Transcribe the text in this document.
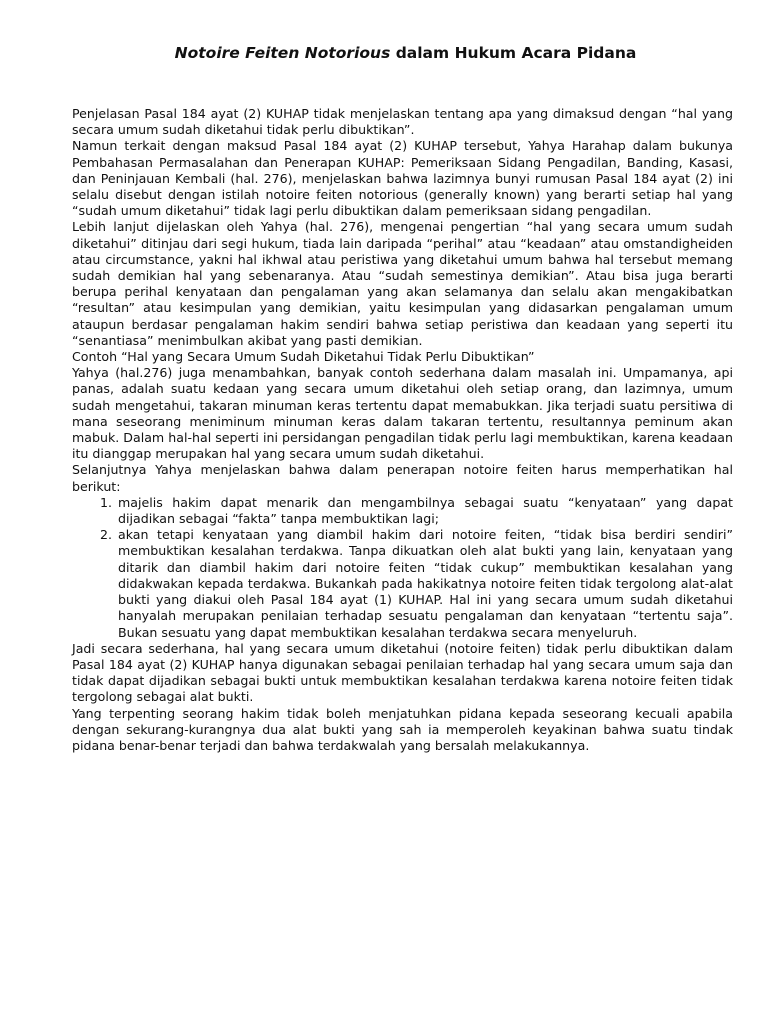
Notoire Feiten Notorious dalam Hukum Acara Pidana

Penjelasan Pasal 184 ayat (2) KUHAP tidak menjelaskan tentang apa yang dimaksud dengan “hal yang secara umum sudah diketahui tidak perlu dibuktikan”.

Namun terkait dengan maksud Pasal 184 ayat (2) KUHAP tersebut, Yahya Harahap dalam bukunya Pembahasan Permasalahan dan Penerapan KUHAP: Pemeriksaan Sidang Pengadilan, Banding, Kasasi, dan Peninjauan Kembali (hal. 276), menjelaskan bahwa lazimnya bunyi rumusan Pasal 184 ayat (2) ini selalu disebut dengan istilah notoire feiten notorious (generally known) yang berarti setiap hal yang “sudah umum diketahui” tidak lagi perlu dibuktikan dalam pemeriksaan sidang pengadilan.

Lebih lanjut dijelaskan oleh Yahya (hal. 276), mengenai pengertian “hal yang secara umum sudah diketahui” ditinjau dari segi hukum, tiada lain daripada “perihal” atau “keadaan” atau omstandigheiden atau circumstance, yakni hal ikhwal atau peristiwa yang diketahui umum bahwa hal tersebut memang sudah demikian hal yang sebenaranya. Atau “sudah semestinya demikian”. Atau bisa juga berarti berupa perihal kenyataan dan pengalaman yang akan selamanya dan selalu akan mengakibatkan “resultan” atau kesimpulan yang demikian, yaitu kesimpulan yang didasarkan pengalaman umum ataupun berdasar pengalaman hakim sendiri bahwa setiap peristiwa dan keadaan yang seperti itu “senantiasa” menimbulkan akibat yang pasti demikian.

Contoh “Hal yang Secara Umum Sudah Diketahui Tidak Perlu Dibuktikan”

Yahya (hal.276) juga menambahkan, banyak contoh sederhana dalam masalah ini. Umpamanya, api panas, adalah suatu kedaan yang secara umum diketahui oleh setiap orang, dan lazimnya, umum sudah mengetahui, takaran minuman keras tertentu dapat memabukkan. Jika terjadi suatu persitiwa di mana seseorang meniminum minuman keras dalam takaran tertentu, resultannya peminum akan mabuk. Dalam hal-hal seperti ini persidangan pengadilan tidak perlu lagi membuktikan, karena keadaan itu dianggap merupakan hal yang secara umum sudah diketahui.

Selanjutnya Yahya menjelaskan bahwa dalam penerapan notoire feiten harus memperhatikan hal berikut:

1. majelis hakim dapat menarik dan mengambilnya sebagai suatu “kenyataan” yang dapat dijadikan sebagai “fakta” tanpa membuktikan lagi;
2. akan tetapi kenyataan yang diambil hakim dari notoire feiten, “tidak bisa berdiri sendiri” membuktikan kesalahan terdakwa. Tanpa dikuatkan oleh alat bukti yang lain, kenyataan yang ditarik dan diambil hakim dari notoire feiten “tidak cukup” membuktikan kesalahan yang didakwakan kepada terdakwa. Bukankah pada hakikatnya notoire feiten tidak tergolong alat-alat bukti yang diakui oleh Pasal 184 ayat (1) KUHAP. Hal ini yang secara umum sudah diketahui hanyalah merupakan penilaian terhadap sesuatu pengalaman dan kenyataan “tertentu saja”. Bukan sesuatu yang dapat membuktikan kesalahan terdakwa secara menyeluruh.

Jadi secara sederhana, hal yang secara umum diketahui (notoire feiten) tidak perlu dibuktikan dalam Pasal 184 ayat (2) KUHAP hanya digunakan sebagai penilaian terhadap hal yang secara umum saja dan tidak dapat dijadikan sebagai bukti untuk membuktikan kesalahan terdakwa karena notoire feiten tidak tergolong sebagai alat bukti.

Yang terpenting seorang hakim tidak boleh menjatuhkan pidana kepada seseorang kecuali apabila dengan sekurang-kurangnya dua alat bukti yang sah ia memperoleh keyakinan bahwa suatu tindak pidana benar-benar terjadi dan bahwa terdakwalah yang bersalah melakukannya.
